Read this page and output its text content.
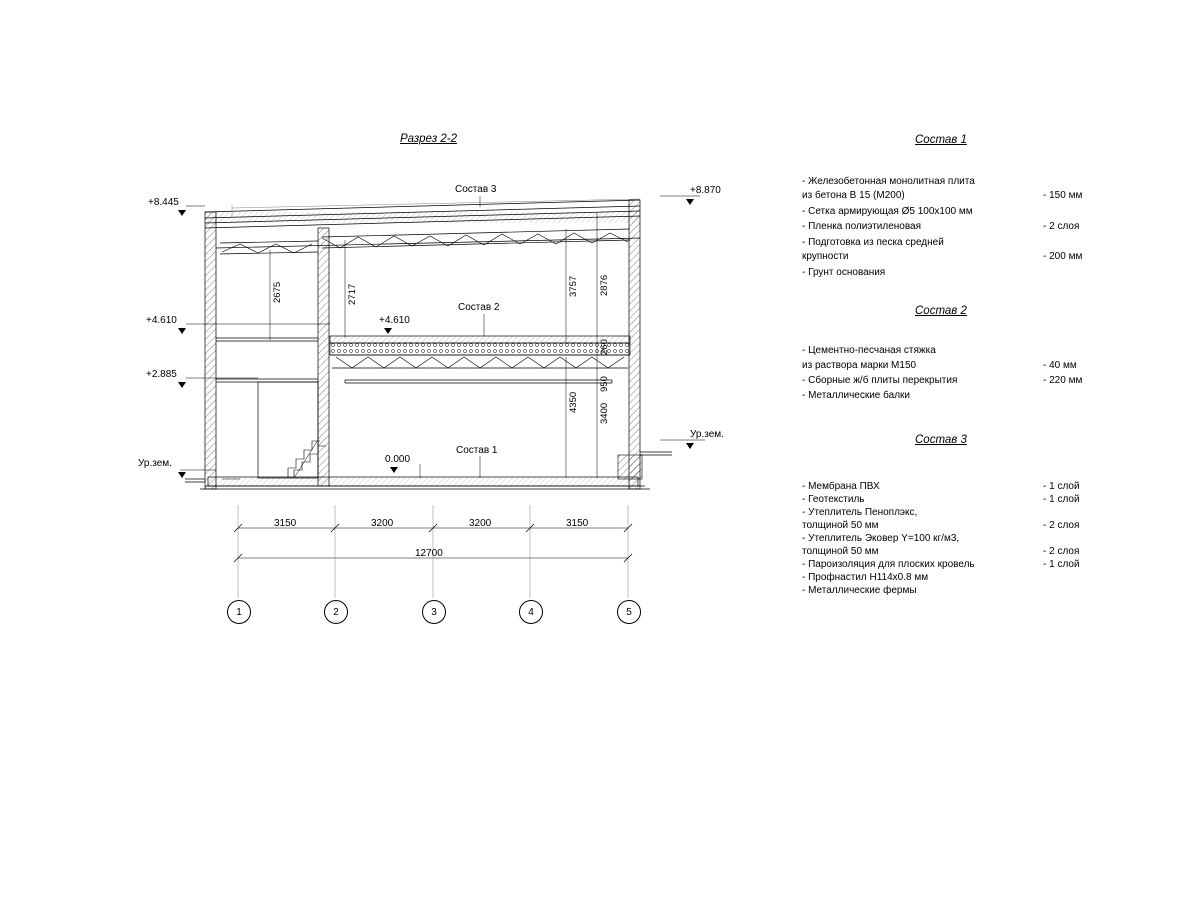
Разрез 2-2
+8.445
+8.870
+4.610
+2.885
+4.610
0.000
Ур.зем.
Ур.зем.
Состав 3
Состав 2
Состав 1
2675	2717	3757 2876
260
950
4350
3400
3150	3200	3200	3150
12700
1	2	3	4	5
Состав 1
- Железобетонная монолитная плита
из бетона В 15 (М200)	- 150 мм
- Сетка армирующая Ø5 100х100 мм
- Пленка полиэтиленовая	- 2 слоя
- Подготовка из песка средней
крупности	- 200 мм
- Грунт основания
Состав 2
- Цементно-песчаная стяжка
из раствора марки М150	- 40 мм
- Сборные ж/б плиты перекрытия	- 220 мм
- Металлические балки
Состав 3
- Мембрана ПВХ	- 1 слой
- Геотекстиль	- 1 слой
- Утеплитель Пеноплэкс,
толщиной 50 мм	- 2 слоя
- Утеплитель Эковер Y=100 кг/м3,
толщиной 50 мм	- 2 слоя
- Пароизоляция для плоских кровель	- 1 слой
- Профнастил Н114х0.8 мм
- Металлические фермы
